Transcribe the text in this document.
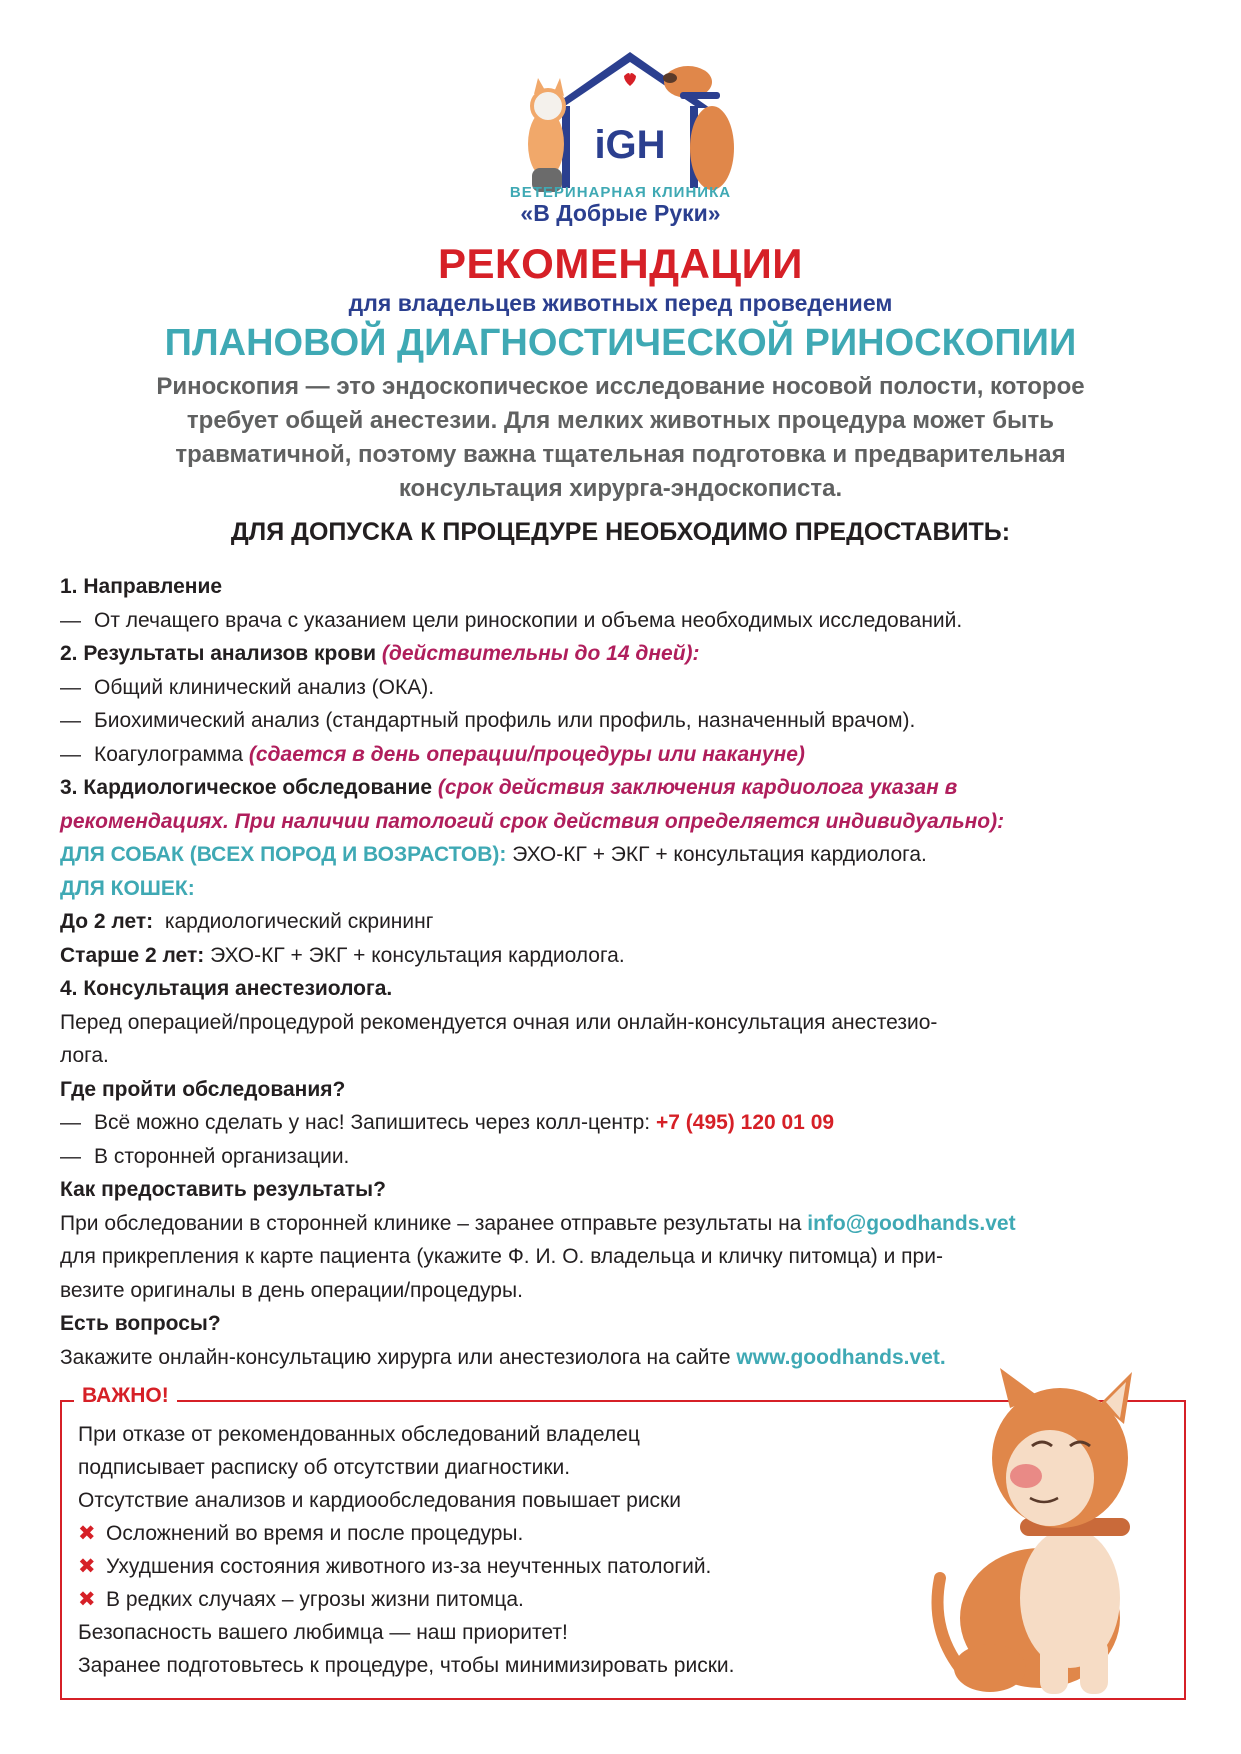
iGH
ВЕТЕРИНАРНАЯ КЛИНИКА
«В Добрые Руки»
РЕКОМЕНДАЦИИ
для владельцев животных перед проведением
ПЛАНОВОЙ ДИАГНОСТИЧЕСКОЙ РИНОСКОПИИ
Риноскопия — это эндоскопическое исследование носовой полости, которое
требует общей анестезии. Для мелких животных процедура может быть
травматичной, поэтому важна тщательная подготовка и предварительная
консультация хирурга-эндоскописта.
ДЛЯ ДОПУСКА К ПРОЦЕДУРЕ НЕОБХОДИМО ПРЕДОСТАВИТЬ:
1. Направление
— От лечащего врача с указанием цели риноскопии и объема необходимых исследований.
2. Результаты анализов крови (действительны до 14 дней):
— Общий клинический анализ (ОКА).
— Биохимический анализ (стандартный профиль или профиль, назначенный врачом).
— Коагулограмма (сдается в день операции/процедуры или накануне)
3. Кардиологическое обследование (срок действия заключения кардиолога указан в
рекомендациях. При наличии патологий срок действия определяется индивидуально):
ДЛЯ СОБАК (ВСЕХ ПОРОД И ВОЗРАСТОВ): ЭХО-КГ + ЭКГ + консультация кардиолога.
ДЛЯ КОШЕК:
До 2 лет: кардиологический скрининг
Старше 2 лет: ЭХО-КГ + ЭКГ + консультация кардиолога.
4. Консультация анестезиолога.
Перед операцией/процедурой рекомендуется очная или онлайн-консультация анестезио-
лога.
Где пройти обследования?
— Всё можно сделать у нас! Запишитесь через колл-центр: +7 (495) 120 01 09
— В сторонней организации.
Как предоставить результаты?
При обследовании в сторонней клинике – заранее отправьте результаты на info@goodhands.vet
для прикрепления к карте пациента (укажите Ф. И. О. владельца и кличку питомца) и при-
везите оригиналы в день операции/процедуры.
Есть вопросы?
Закажите онлайн-консультацию хирурга или анестезиолога на сайте www.goodhands.vet.
ВАЖНО!
При отказе от рекомендованных обследований владелец
подписывает расписку об отсутствии диагностики.
Отсутствие анализов и кардиообследования повышает риски
✖ Осложнений во время и после процедуры.
✖ Ухудшения состояния животного из-за неучтенных патологий.
✖ В редких случаях – угрозы жизни питомца.
Безопасность вашего любимца — наш приоритет!
Заранее подготовьтесь к процедуре, чтобы минимизировать риски.
